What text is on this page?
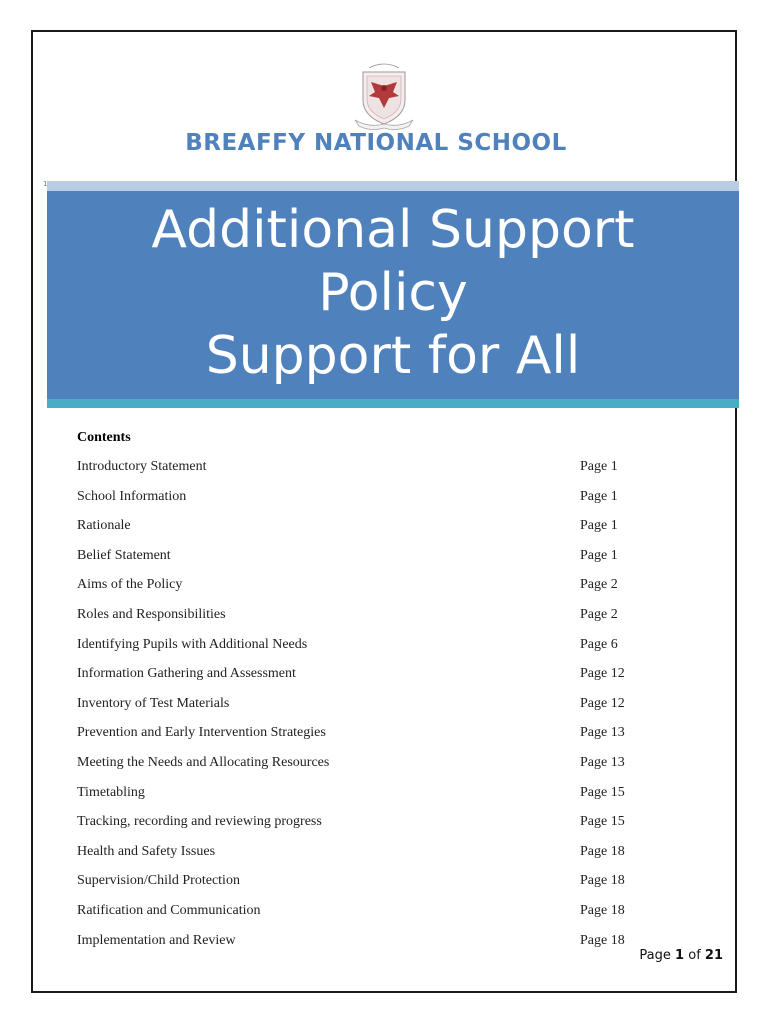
BREAFFY NATIONAL SCHOOL
1
Additional Support
Policy
Support for All
Contents
Introductory Statement	Page 1
School Information	Page 1
Rationale	Page 1
Belief Statement	Page 1
Aims of the Policy	Page 2
Roles and Responsibilities	Page 2
Identifying Pupils with Additional Needs	Page 6
Information Gathering and Assessment	Page 12
Inventory of Test Materials	Page 12
Prevention and Early Intervention Strategies	Page 13
Meeting the Needs and Allocating Resources	Page 13
Timetabling	Page 15
Tracking, recording and reviewing progress	Page 15
Health and Safety Issues	Page 18
Supervision/Child Protection	Page 18
Ratification and Communication	Page 18
Implementation and Review	Page 18
Page 1 of 21
